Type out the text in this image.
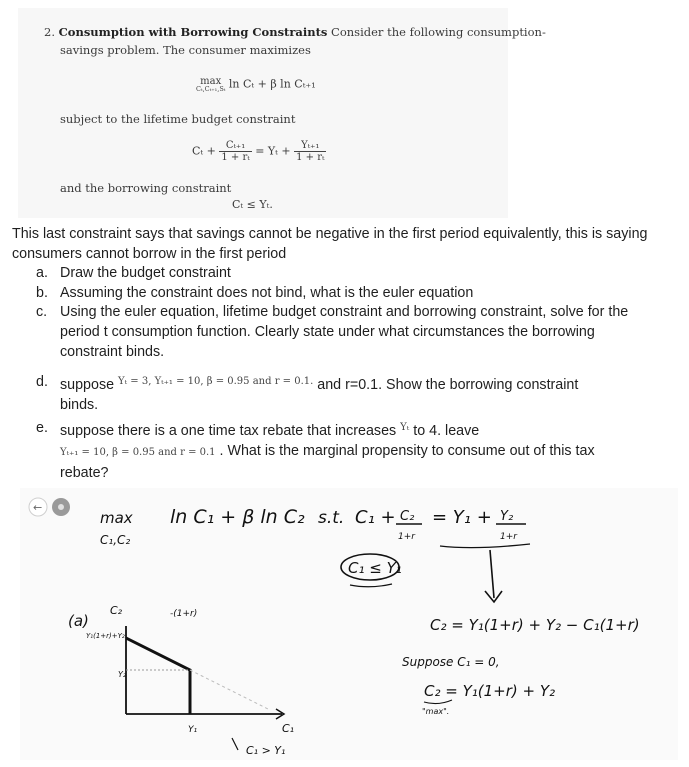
2. Consumption with Borrowing Constraints Consider the following consumption-
savings problem. The consumer maximizes
max
Cₜ,Cₜ₊₁,Sₜ ln Cₜ + β ln Cₜ₊₁
subject to the lifetime budget constraint
$C_t + \frac{\text{Cₜ₊₁}}{\text{1 + rₜ}} = Y_t + \frac{\text{Yₜ₊₁}}{\text{1 + rₜ}}$
and the borrowing constraint
Cₜ ≤ Yₜ.
This last constraint says that savings cannot be negative in the first period equivalently, this is saying consumers cannot borrow in the first period
a. Draw the budget constraint
b. Assuming the constraint does not bind, what is the euler equation
c. Using the euler equation, lifetime budget constraint and borrowing constraint, solve for the period t consumption function. Clearly state under what circumstances the borrowing constraint binds.
d. suppose $^{Y_t = 3, Y_{t+1} = 10, \beta = 0.95 and r = 0.1.}$ and r=0.1. Show the borrowing constraint
binds.
e. suppose there is a one time tax rebate that increases $^{Y_t}$ to 4. leave
Yₜ₊₁ = 10, β = 0.95 and r = 0.1 . What is the marginal propensity to consume out of this tax
rebate?
←
max
C₁,C₂
ln C₁ + β ln C₂ s.t. C₁ + C₂
1+r
= Y₁ + Y₂
1+r
C₁ ≤ Y₁
(a)
C₂	-(1+r)
Y₁(1+r)+Y₂
Y₂
C₁
Y₁
C₁ > Y₁
C₂ = Y₁(1+r) + Y₂ − C₁(1+r)
Suppose C₁ = 0,
C₂ = Y₁(1+r) + Y₂
"max".
